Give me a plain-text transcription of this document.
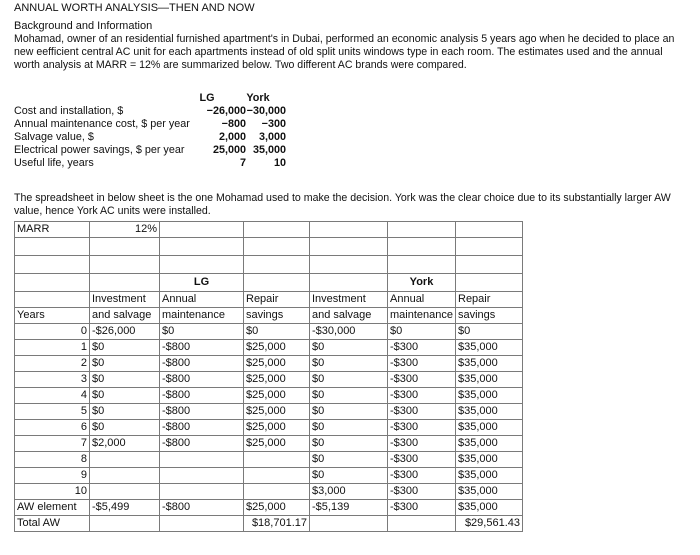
ANNUAL WORTH ANALYSIS—THEN AND NOW
Background and Information
Mohamad, owner of an residential furnished apartment's in Dubai, performed an economic analysis 5 years ago when he decided to place an new eefficient central AC unit for each apartments instead of old split units windows type in each room. The estimates used and the annual worth analysis at MARR = 12% are summarized below. Two different AC brands were compared.
LG	York
Cost and installation, $	−26,000 −30,000
Annual maintenance cost, $ per year	−800	−300
Salvage value, $	2,000	3,000
Electrical power savings, $ per year	25,000 35,000
Useful life, years	7	10
The spreadsheet in below sheet is the one Mohamad used to make the decision. York was the clear choice due to its substantially larger AW value, hence York AC units were installed.
MARR	12%					

		LG			York	
	Investment	Annual	Repair	Investment	Annual	Repair
Years	and salvage	maintenance	savings	and salvage	maintenance	savings
0	-$26,000	$0	$0	-$30,000	$0	$0
1	$0	-$800	$25,000	$0	-$300	$35,000
2	$0	-$800	$25,000	$0	-$300	$35,000
3	$0	-$800	$25,000	$0	-$300	$35,000
4	$0	-$800	$25,000	$0	-$300	$35,000
5	$0	-$800	$25,000	$0	-$300	$35,000
6	$0	-$800	$25,000	$0	-$300	$35,000
7	$2,000	-$800	$25,000	$0	-$300	$35,000
8				$0	-$300	$35,000
9				$0	-$300	$35,000
10				$3,000	-$300	$35,000
AW element	-$5,499	-$800	$25,000	-$5,139	-$300	$35,000
Total AW			$18,701.17			$29,561.43
